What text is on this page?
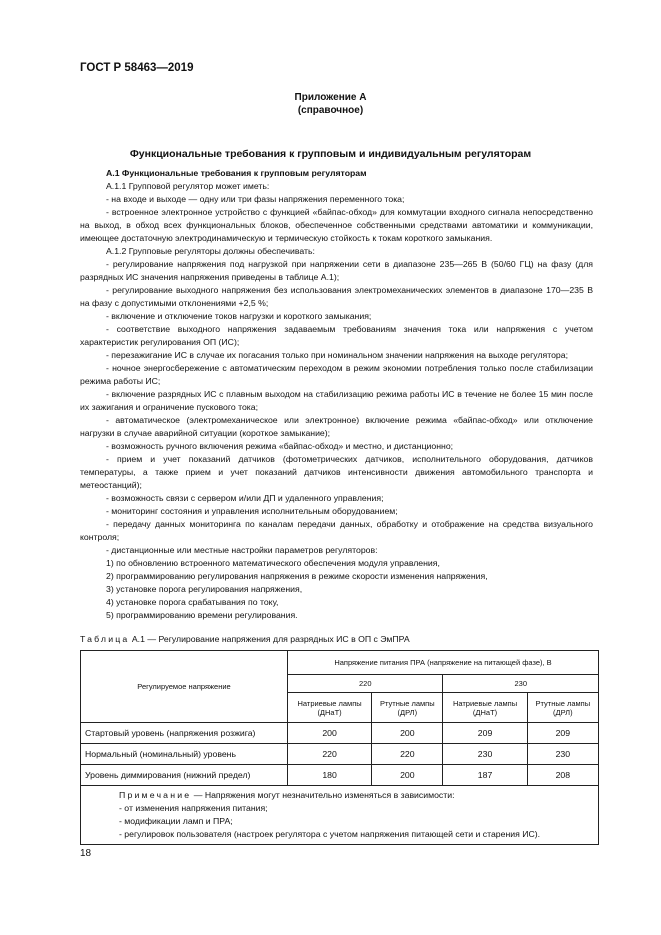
ГОСТ Р 58463—2019
Приложение А
(справочное)
Функциональные требования к групповым и индивидуальным регуляторам

А.1 Функциональные требования к групповым регуляторам

А.1.1 Групповой регулятор может иметь:

- на входе и выходе — одну или три фазы напряжения переменного тока;

- встроенное электронное устройство с функцией «байпас-обход» для коммутации входного сигнала непосредственно на выход, в обход всех функциональных блоков, обеспеченное собственными средствами автоматики и коммуникации, имеющее достаточную электродинамическую и термическую стойкость к токам короткого замыкания.

А.1.2 Групповые регуляторы должны обеспечивать:

- регулирование напряжения под нагрузкой при напряжении сети в диапазоне 235—265 В (50/60 ГЦ) на фазу (для разрядных ИС значения напряжения приведены в таблице А.1);

- регулирование выходного напряжения без использования электромеханических элементов в диапазоне 170—235 В на фазу с допустимыми отклонениями +2,5 %;

- включение и отключение токов нагрузки и короткого замыкания;

- соответствие выходного напряжения задаваемым требованиям значения тока или напряжения с учетом характеристик регулирования ОП (ИС);

- перезажигание ИС в случае их погасания только при номинальном значении напряжения на выходе регулятора;

- ночное энергосбережение с автоматическим переходом в режим экономии потребления только после стабилизации режима работы ИС;

- включение разрядных ИС с плавным выходом на стабилизацию режима работы ИС в течение не более 15 мин после их зажигания и ограничение пускового тока;

- автоматическое (электромеханическое или электронное) включение режима «байпас-обход» или отключение нагрузки в случае аварийной ситуации (короткое замыкание);

- возможность ручного включения режима «байпас-обход» и местно, и дистанционно;

- прием и учет показаний датчиков (фотометрических датчиков, исполнительного оборудования, датчиков температуры, а также прием и учет показаний датчиков интенсивности движения автомобильного транспорта и метеостанций);

- возможность связи с сервером и/или ДП и удаленного управления;

- мониторинг состояния и управления исполнительным оборудованием;

- передачу данных мониторинга по каналам передачи данных, обработку и отображение на средства визуального контроля;

- дистанционные или местные настройки параметров регуляторов:

1) по обновлению встроенного математического обеспечения модуля управления,

2) программированию регулирования напряжения в режиме скорости изменения напряжения,

3) установке порога регулирования напряжения,

4) установке порога срабатывания по току,

5) программированию времени регулирования.

Таблица А.1 — Регулирование напряжения для разрядных ИС в ОП с ЭмПРА
Регулируемое напряжение	Напряжение питания ПРА (напряжение на питающей фазе), В			
	220		230	
	Натриевые лампы (ДНаТ)	Ртутные лампы (ДРЛ)	Натриевые лампы (ДНаТ)	Ртутные лампы (ДРЛ)
Стартовый уровень (напряжения розжига)	200	200	209	209
Нормальный (номинальный) уровень	220	220	230	230
Уровень диммирования (нижний предел)	180	200	187	208

Примечание — Напряжения могут незначительно изменяться в зависимости:
- от изменения напряжения питания;
- модификации ламп и ПРА;
- регулировок пользователя (настроек регулятора с учетом напряжения питающей сети и старения ИС).				
18
